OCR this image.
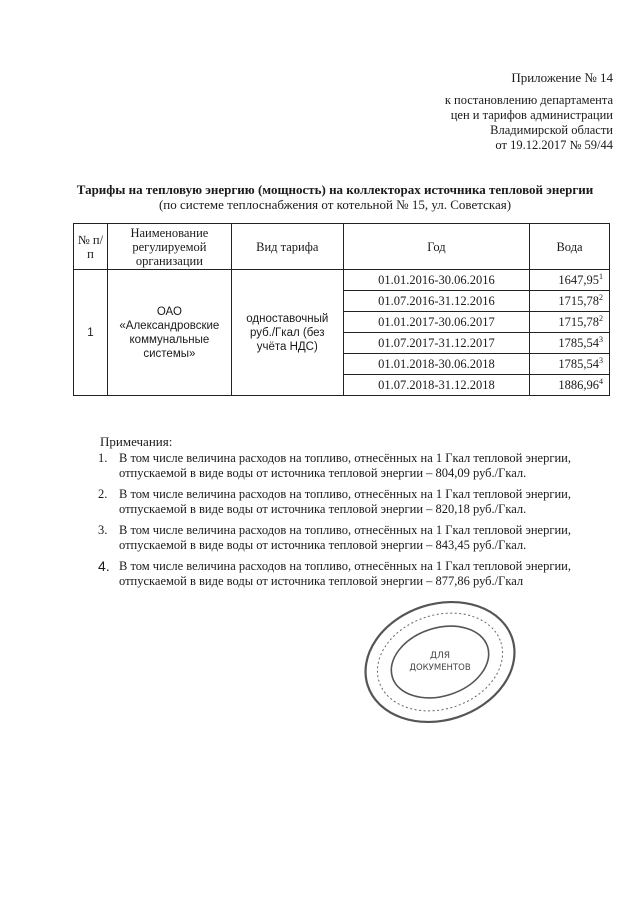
Приложение № 14
к постановлению департамента
цен и тарифов администрации
Владимирской области
от 19.12.2017 № 59/44
Тарифы на тепловую энергию (мощность) на коллекторах источника тепловой энергии
(по системе теплоснабжения от котельной № 15, ул. Советская)
№ п/п	Наименование регулируемой организации	Вид тарифа	Год	Вода
1	ОАО «Александровские коммунальные системы»	одноставочный руб./Гкал (без учёта НДС)	01.01.2016-30.06.2016	1647,95$^1$
			01.07.2016-31.12.2016	1715,78$^2$
			01.01.2017-30.06.2017	1715,78$^2$
			01.07.2017-31.12.2017	1785,54$^3$
			01.01.2018-30.06.2018	1785,54$^3$
			01.07.2018-31.12.2018	1886,96$^4$
Примечания:
1. В том числе величина расходов на топливо, отнесённых на 1 Гкал тепловой энергии, отпускаемой в виде воды от источника тепловой энергии – 804,09 руб./Гкал.
2. В том числе величина расходов на топливо, отнесённых на 1 Гкал тепловой энергии, отпускаемой в виде воды от источника тепловой энергии – 820,18 руб./Гкал.
3. В том числе величина расходов на топливо, отнесённых на 1 Гкал тепловой энергии, отпускаемой в виде воды от источника тепловой энергии – 843,45 руб./Гкал.
4. В том числе величина расходов на топливо, отнесённых на 1 Гкал тепловой энергии, отпускаемой в виде воды от источника тепловой энергии – 877,86 руб./Гкал
ДЛЯ
ДОКУМЕНТОВ
